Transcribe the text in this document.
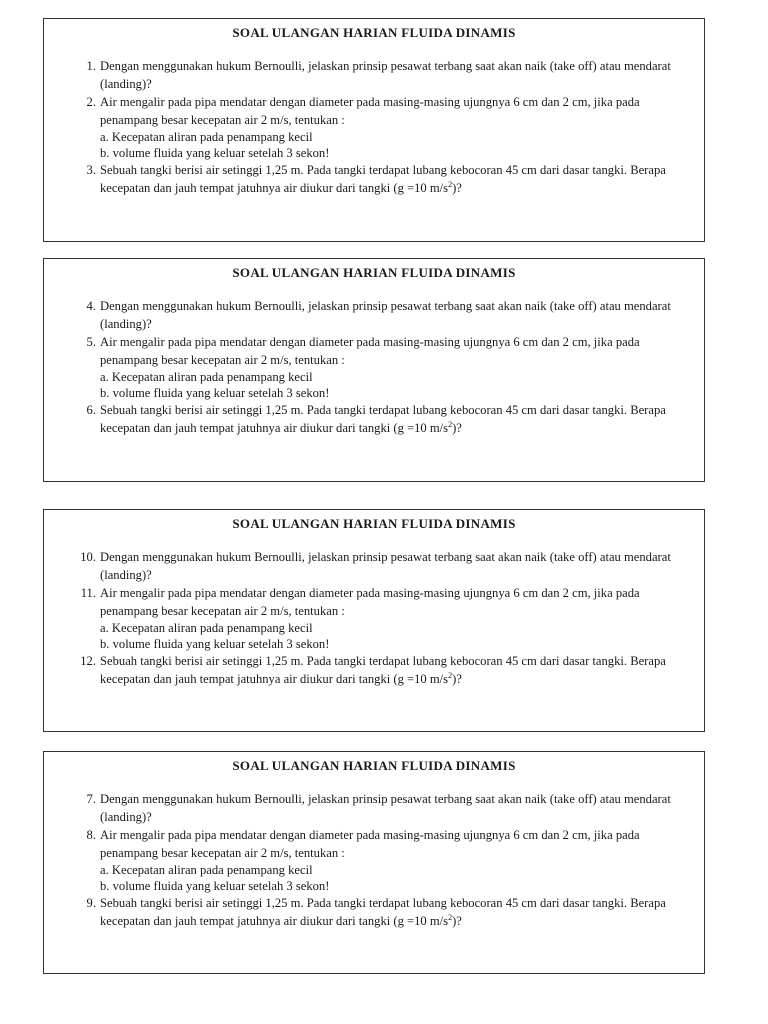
SOAL ULANGAN HARIAN FLUIDA DINAMIS
1. Dengan menggunakan hukum Bernoulli, jelaskan prinsip pesawat terbang saat akan naik (take off) atau mendarat (landing)?
2. Air mengalir pada pipa mendatar dengan diameter pada masing-masing ujungnya 6 cm dan 2 cm, jika pada penampang besar kecepatan air 2 m/s, tentukan :
a. Kecepatan aliran pada penampang kecil
b. volume fluida yang keluar setelah 3 sekon!
3. Sebuah tangki berisi air setinggi 1,25 m. Pada tangki terdapat lubang kebocoran 45 cm dari dasar tangki. Berapa kecepatan dan jauh tempat jatuhnya air diukur dari tangki (g =10 $m/s^2$)?
SOAL ULANGAN HARIAN FLUIDA DINAMIS
4. Dengan menggunakan hukum Bernoulli, jelaskan prinsip pesawat terbang saat akan naik (take off) atau mendarat (landing)?
5. Air mengalir pada pipa mendatar dengan diameter pada masing-masing ujungnya 6 cm dan 2 cm, jika pada penampang besar kecepatan air 2 m/s, tentukan :
a. Kecepatan aliran pada penampang kecil
b. volume fluida yang keluar setelah 3 sekon!
6. Sebuah tangki berisi air setinggi 1,25 m. Pada tangki terdapat lubang kebocoran 45 cm dari dasar tangki. Berapa kecepatan dan jauh tempat jatuhnya air diukur dari tangki (g =10 $m/s^2$)?
SOAL ULANGAN HARIAN FLUIDA DINAMIS
10. Dengan menggunakan hukum Bernoulli, jelaskan prinsip pesawat terbang saat akan naik (take off) atau mendarat (landing)?
11. Air mengalir pada pipa mendatar dengan diameter pada masing-masing ujungnya 6 cm dan 2 cm, jika pada penampang besar kecepatan air 2 m/s, tentukan :
a. Kecepatan aliran pada penampang kecil
b. volume fluida yang keluar setelah 3 sekon!
12. Sebuah tangki berisi air setinggi 1,25 m. Pada tangki terdapat lubang kebocoran 45 cm dari dasar tangki. Berapa kecepatan dan jauh tempat jatuhnya air diukur dari tangki (g =10 $m/s^2$)?
SOAL ULANGAN HARIAN FLUIDA DINAMIS
7. Dengan menggunakan hukum Bernoulli, jelaskan prinsip pesawat terbang saat akan naik (take off) atau mendarat (landing)?
8. Air mengalir pada pipa mendatar dengan diameter pada masing-masing ujungnya 6 cm dan 2 cm, jika pada penampang besar kecepatan air 2 m/s, tentukan :
a. Kecepatan aliran pada penampang kecil
b. volume fluida yang keluar setelah 3 sekon!
9. Sebuah tangki berisi air setinggi 1,25 m. Pada tangki terdapat lubang kebocoran 45 cm dari dasar tangki. Berapa kecepatan dan jauh tempat jatuhnya air diukur dari tangki (g =10 $m/s^2$)?
